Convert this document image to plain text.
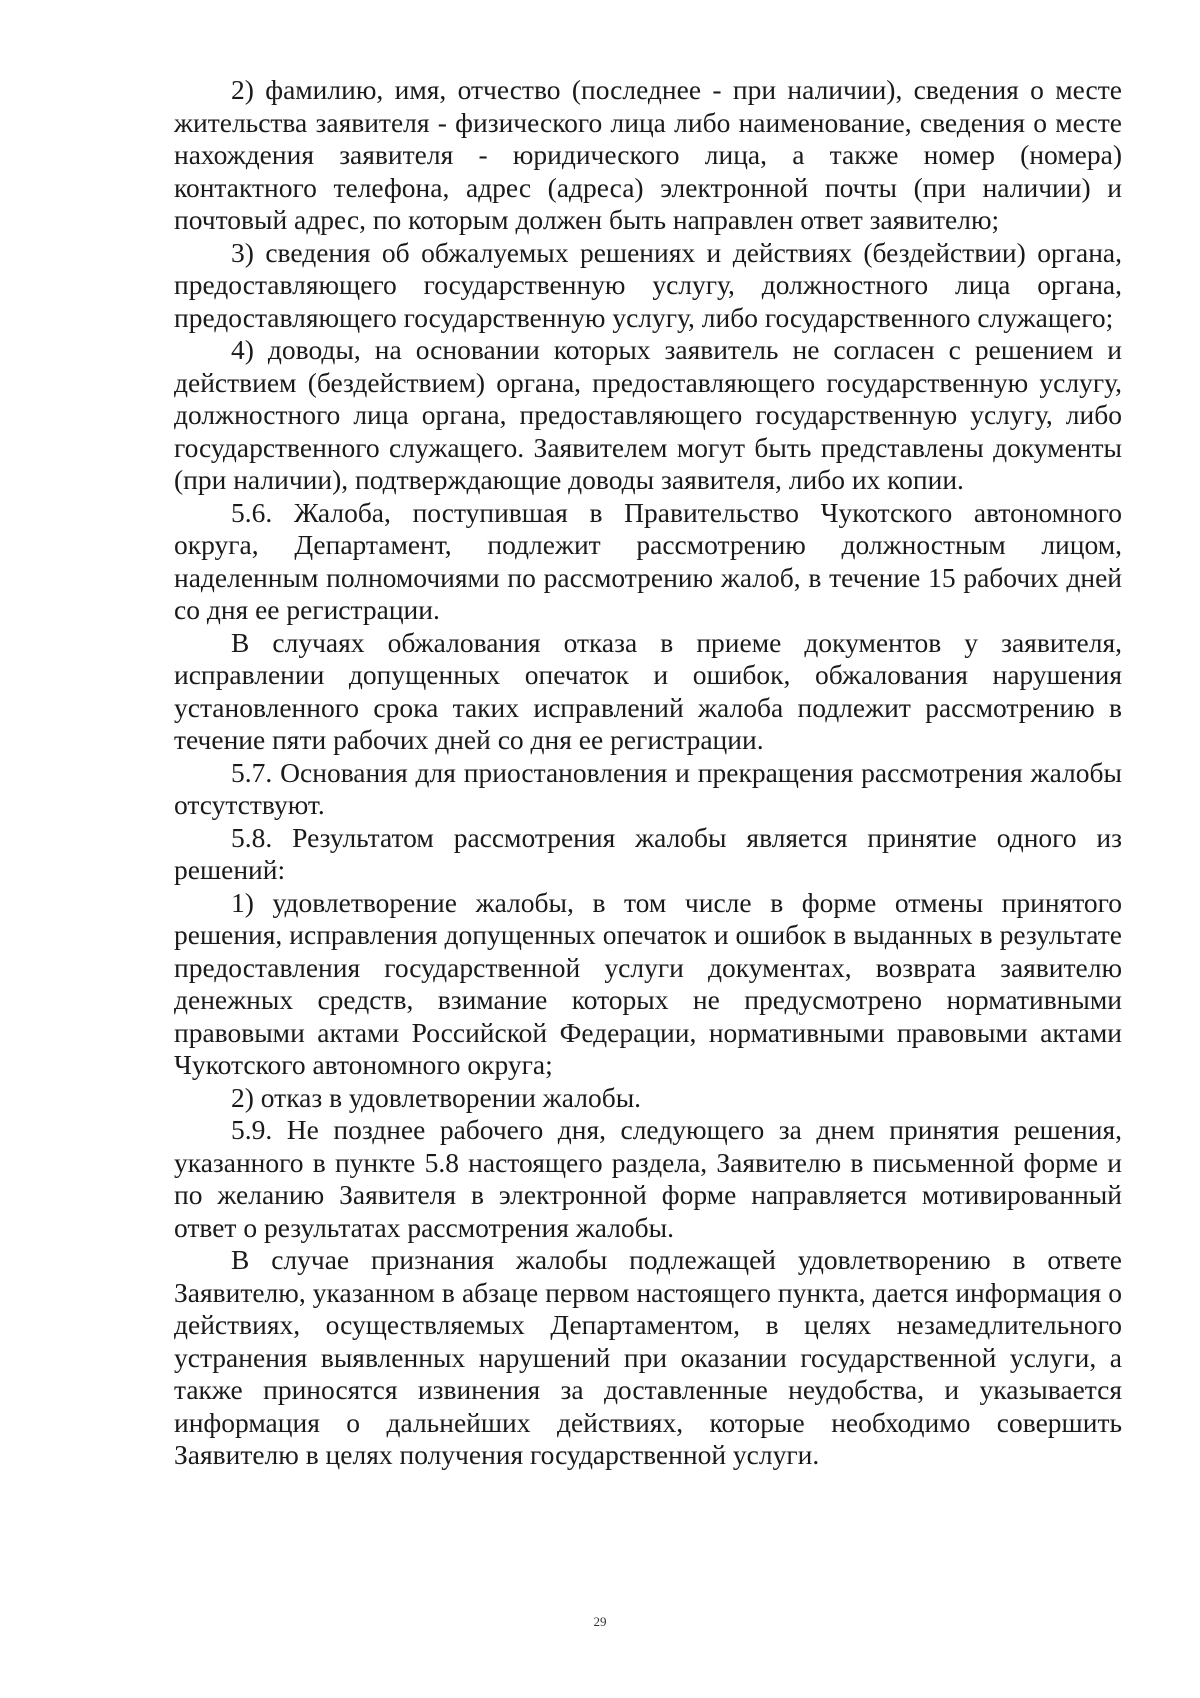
2) фамилию, имя, отчество (последнее - при наличии), сведения о месте жительства заявителя - физического лица либо наименование, сведения о месте нахождения заявителя - юридического лица, а также номер (номера) контактного телефона, адрес (адреса) электронной почты (при наличии) и почтовый адрес, по которым должен быть направлен ответ заявителю;

3) сведения об обжалуемых решениях и действиях (бездействии) органа, предоставляющего государственную услугу, должностного лица органа, предоставляющего государственную услугу, либо государственного служащего;

4) доводы, на основании которых заявитель не согласен с решением и действием (бездействием) органа, предоставляющего государственную услугу, должностного лица органа, предоставляющего государственную услугу, либо государственного служащего. Заявителем могут быть представлены документы (при наличии), подтверждающие доводы заявителя, либо их копии.

5.6. Жалоба, поступившая в Правительство Чукотского автономного округа, Департамент, подлежит рассмотрению должностным лицом, наделенным полномочиями по рассмотрению жалоб, в течение 15 рабочих дней со дня ее регистрации.

В случаях обжалования отказа в приеме документов у заявителя, исправлении допущенных опечаток и ошибок, обжалования нарушения установленного срока таких исправлений жалоба подлежит рассмотрению в течение пяти рабочих дней со дня ее регистрации.

5.7. Основания для приостановления и прекращения рассмотрения жалобы отсутствуют.

5.8. Результатом рассмотрения жалобы является принятие одного из решений:

1) удовлетворение жалобы, в том числе в форме отмены принятого решения, исправления допущенных опечаток и ошибок в выданных в результате предоставления государственной услуги документах, возврата заявителю денежных средств, взимание которых не предусмотрено нормативными правовыми актами Российской Федерации, нормативными правовыми актами Чукотского автономного округа;

2) отказ в удовлетворении жалобы.

5.9. Не позднее рабочего дня, следующего за днем принятия решения, указанного в пункте 5.8 настоящего раздела, Заявителю в письменной форме и по желанию Заявителя в электронной форме направляется мотивированный ответ о результатах рассмотрения жалобы.

В случае признания жалобы подлежащей удовлетворению в ответе Заявителю, указанном в абзаце первом настоящего пункта, дается информация о действиях, осуществляемых Департаментом, в целях незамедлительного устранения выявленных нарушений при оказании государственной услуги, а также приносятся извинения за доставленные неудобства, и указывается информация о дальнейших действиях, которые необходимо совершить Заявителю в целях получения государственной услуги.

29
